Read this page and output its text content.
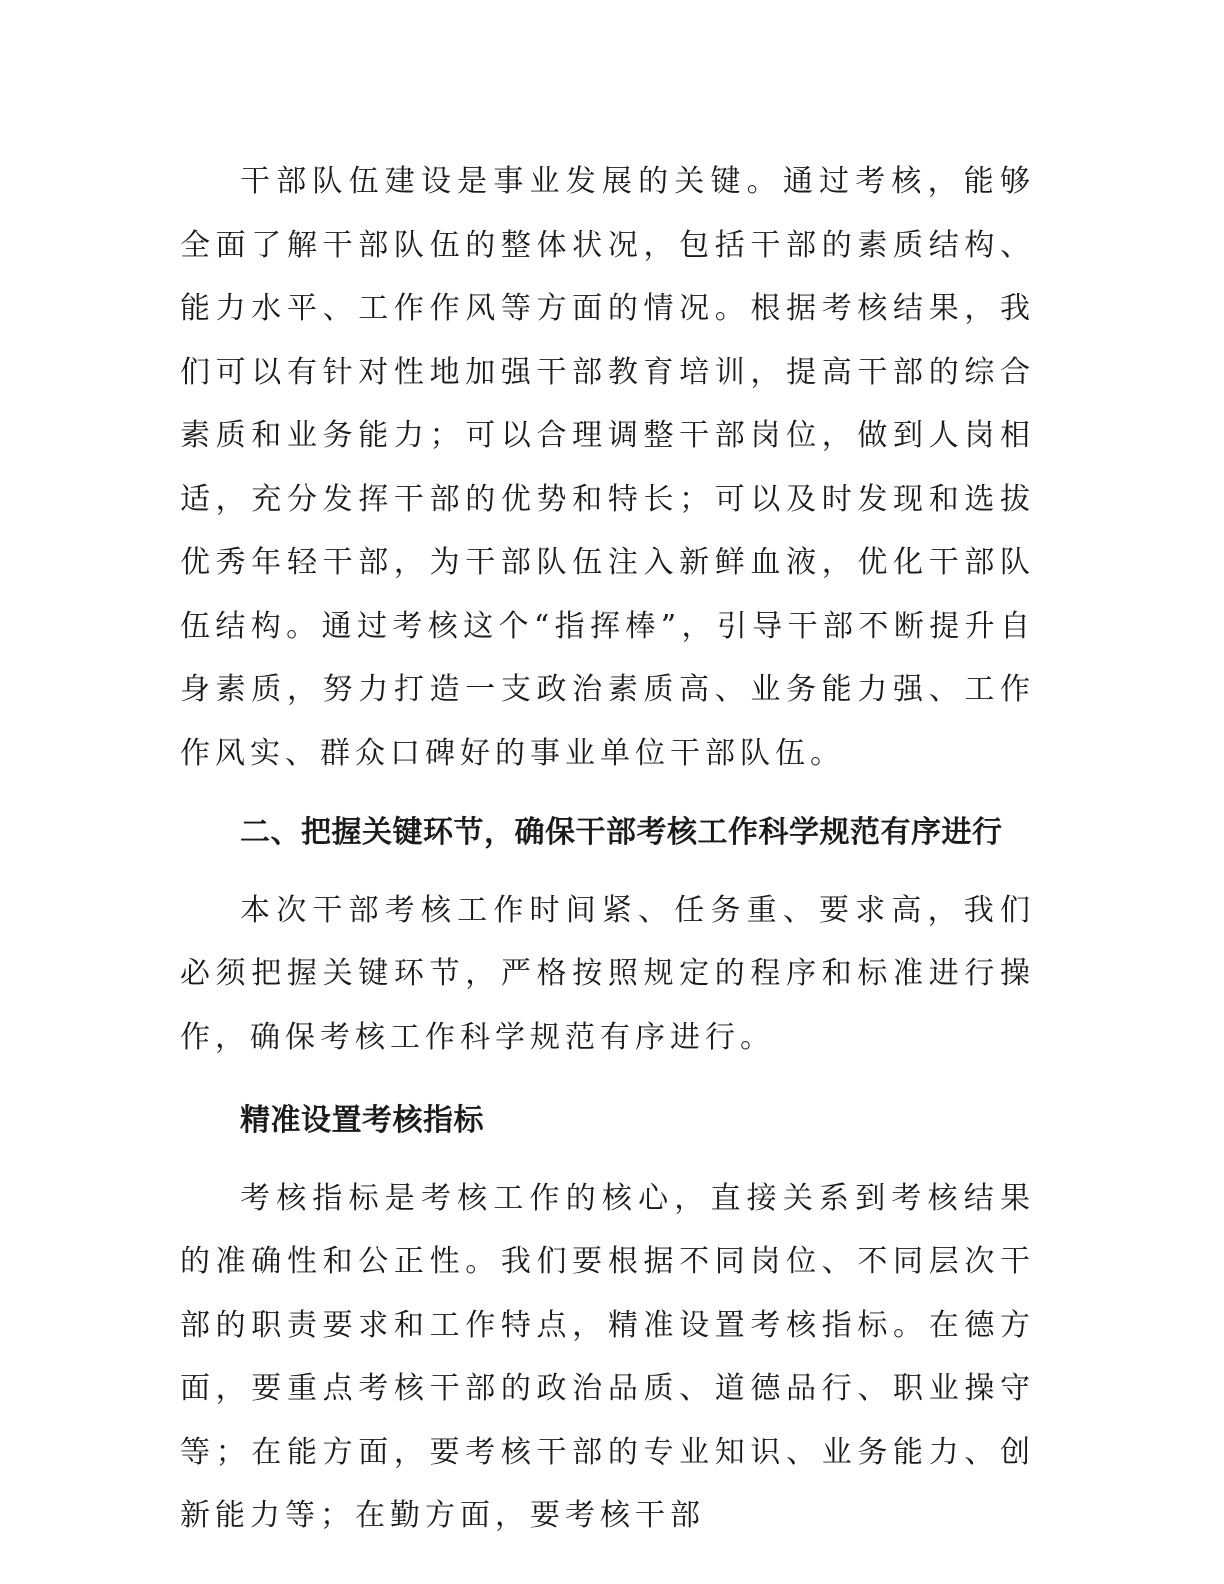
干部队伍建设是事业发展的关键。通过考核，能够全面了解干部队伍的整体状况，包括干部的素质结构、能力水平、工作作风等方面的情况。根据考核结果，我们可以有针对性地加强干部教育培训，提高干部的综合素质和业务能力；可以合理调整干部岗位，做到人岗相适，充分发挥干部的优势和特长；可以及时发现和选拔优秀年轻干部，为干部队伍注入新鲜血液，优化干部队伍结构。通过考核这个“指挥棒”，引导干部不断提升自身素质，努力打造一支政治素质高、业务能力强、工作作风实、群众口碑好的事业单位干部队伍。

二、把握关键环节，确保干部考核工作科学规范有序进行

本次干部考核工作时间紧、任务重、要求高，我们必须把握关键环节，严格按照规定的程序和标准进行操作，确保考核工作科学规范有序进行。

精准设置考核指标

考核指标是考核工作的核心，直接关系到考核结果的准确性和公正性。我们要根据不同岗位、不同层次干部的职责要求和工作特点，精准设置考核指标。在德方面，要重点考核干部的政治品质、道德品行、职业操守等；在能方面，要考核干部的专业知识、业务能力、创新能力等；在勤方面，要考核干部
